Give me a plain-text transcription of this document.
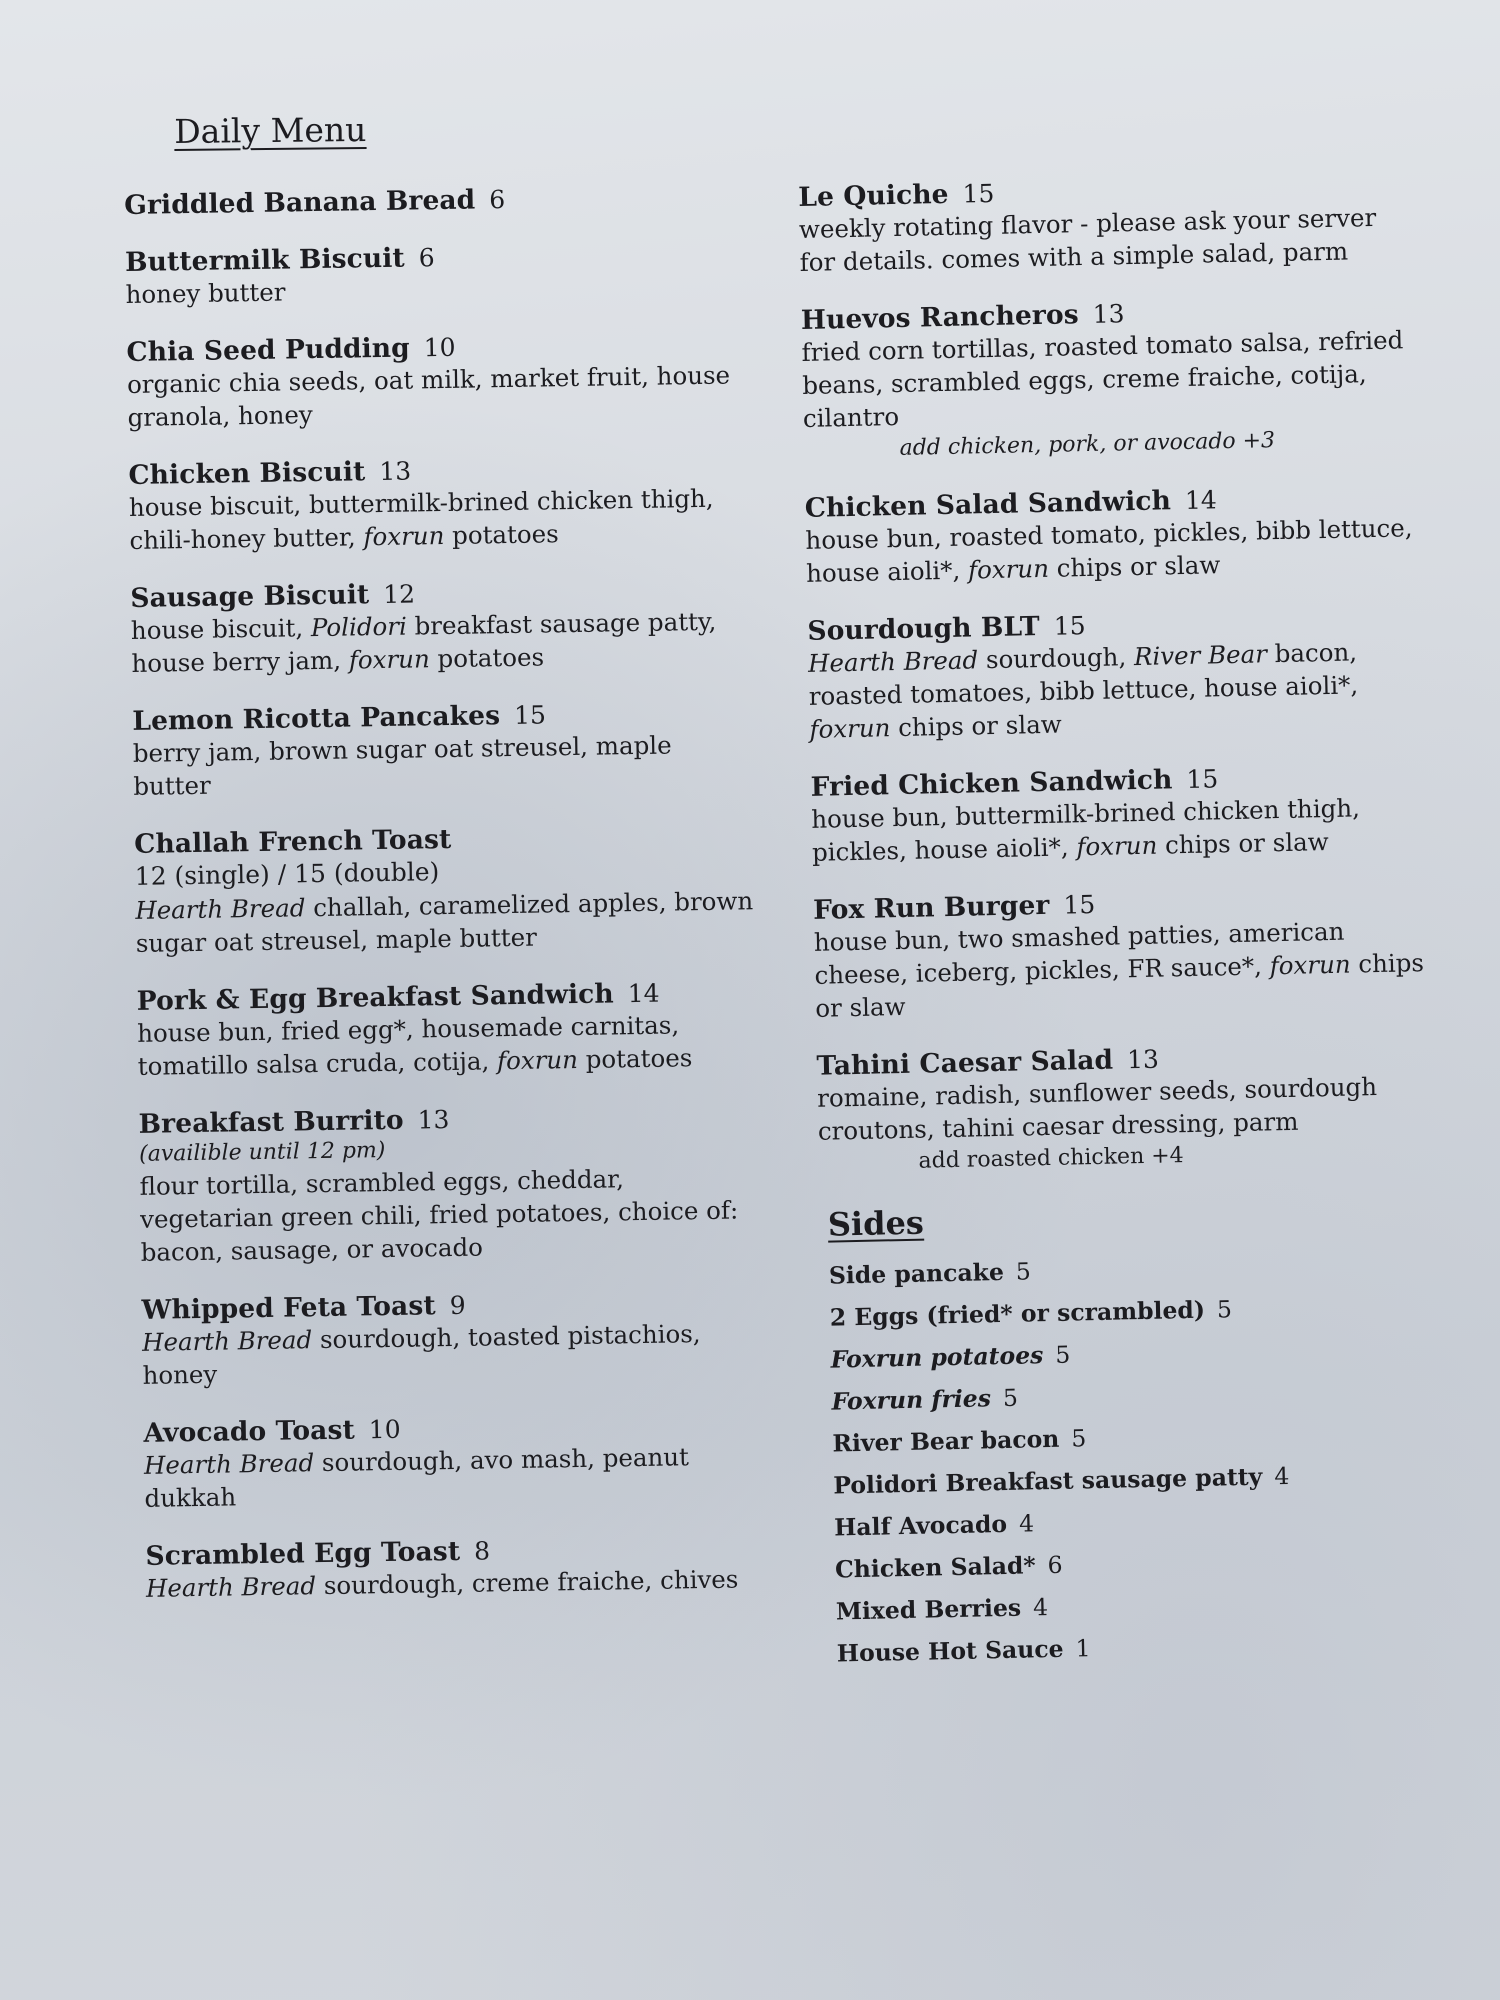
Daily Menu
Griddled Banana Bread 6
Buttermilk Biscuit 6
honey butter
Chia Seed Pudding 10
organic chia seeds, oat milk, market fruit, house granola, honey
Chicken Biscuit 13
house biscuit, buttermilk-brined chicken thigh, chili-honey butter, foxrun potatoes
Sausage Biscuit 12
house biscuit, Polidori breakfast sausage patty, house berry jam, foxrun potatoes
Lemon Ricotta Pancakes 15
berry jam, brown sugar oat streusel, maple butter
Challah French Toast
12 (single) / 15 (double)
Hearth Bread challah, caramelized apples, brown sugar oat streusel, maple butter
Pork & Egg Breakfast Sandwich 14
house bun, fried egg*, housemade carnitas, tomatillo salsa cruda, cotija, foxrun potatoes
Breakfast Burrito 13
(availible until 12 pm)
flour tortilla, scrambled eggs, cheddar, vegetarian green chili, fried potatoes, choice of: bacon, sausage, or avocado
Whipped Feta Toast 9
Hearth Bread sourdough, toasted pistachios, honey
Avocado Toast 10
Hearth Bread sourdough, avo mash, peanut dukkah
Scrambled Egg Toast 8
Hearth Bread sourdough, creme fraiche, chives
Le Quiche 15
weekly rotating flavor - please ask your server for details. comes with a simple salad, parm
Huevos Rancheros 13
fried corn tortillas, roasted tomato salsa, refried beans, scrambled eggs, creme fraiche, cotija, cilantro
add chicken, pork, or avocado +3
Chicken Salad Sandwich 14
house bun, roasted tomato, pickles, bibb lettuce, house aioli*, foxrun chips or slaw
Sourdough BLT 15
Hearth Bread sourdough, River Bear bacon, roasted tomatoes, bibb lettuce, house aioli*, foxrun chips or slaw
Fried Chicken Sandwich 15
house bun, buttermilk-brined chicken thigh, pickles, house aioli*, foxrun chips or slaw
Fox Run Burger 15
house bun, two smashed patties, american cheese, iceberg, pickles, FR sauce*, foxrun chips or slaw
Tahini Caesar Salad 13
romaine, radish, sunflower seeds, sourdough croutons, tahini caesar dressing, parm
add roasted chicken +4
Sides
Side pancake 5
2 Eggs (fried* or scrambled) 5
Foxrun potatoes 5
Foxrun fries 5
River Bear bacon 5
Polidori Breakfast sausage patty 4
Half Avocado 4
Chicken Salad* 6
Mixed Berries 4
House Hot Sauce 1
